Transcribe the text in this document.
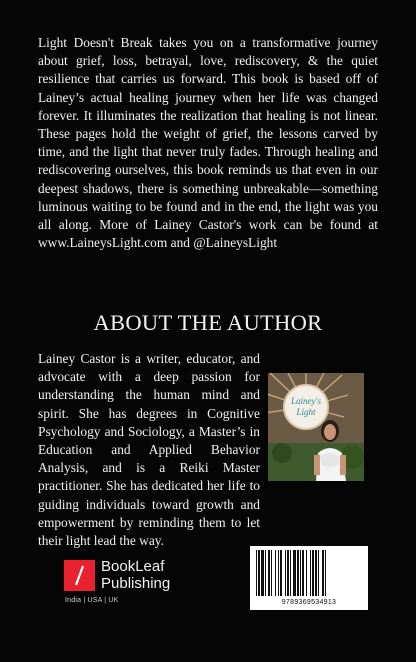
Light Doesn't Break takes you on a transformative journey about grief, loss, betrayal, love, rediscovery, & the quiet resilience that carries us forward. This book is based off of Lainey’s actual healing journey when her life was changed forever. It illuminates the realization that healing is not linear. These pages hold the weight of grief, the lessons carved by time, and the light that never truly fades. Through healing and rediscovering ourselves, this book reminds us that even in our deepest shadows, there is something unbreakable—something luminous waiting to be found and in the end, the light was you all along. More of Lainey Castor's work can be found at www.LaineysLight.com and @LaineysLight

ABOUT THE AUTHOR

Lainey Castor is a writer, educator, and advocate with a deep passion for understanding the human mind and spirit. She has degrees in Cognitive Psychology and Sociology, a Master’s in Education and Applied Behavior Analysis, and is a Reiki Master practitioner. She has dedicated her life to guiding individuals toward growth and empowerment by reminding them to let their light lead the way.

Lainey's
Light
BookLeaf
Publishing
India | USA | UK	9789369534913
